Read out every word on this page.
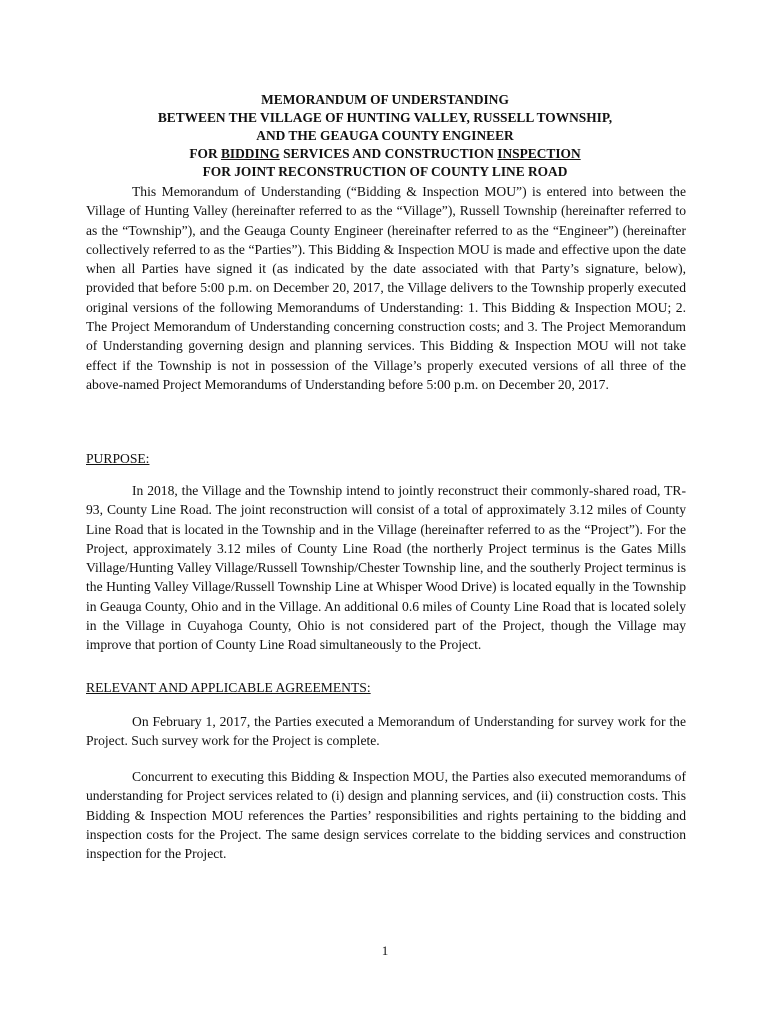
MEMORANDUM OF UNDERSTANDING
BETWEEN THE VILLAGE OF HUNTING VALLEY, RUSSELL TOWNSHIP,
AND THE GEAUGA COUNTY ENGINEER
FOR BIDDING SERVICES AND CONSTRUCTION INSPECTION
FOR JOINT RECONSTRUCTION OF COUNTY LINE ROAD

This Memorandum of Understanding (“Bidding & Inspection MOU”) is entered into between the Village of Hunting Valley (hereinafter referred to as the “Village”), Russell Township (hereinafter referred to as the “Township”), and the Geauga County Engineer (hereinafter referred to as the “Engineer”) (hereinafter collectively referred to as the “Parties”). This Bidding & Inspection MOU is made and effective upon the date when all Parties have signed it (as indicated by the date associated with that Party’s signature, below), provided that before 5:00 p.m. on December 20, 2017, the Village delivers to the Township properly executed original versions of the following Memorandums of Understanding: 1. This Bidding & Inspection MOU; 2. The Project Memorandum of Understanding concerning construction costs; and 3. The Project Memorandum of Understanding governing design and planning services. This Bidding & Inspection MOU will not take effect if the Township is not in possession of the Village’s properly executed versions of all three of the above-named Project Memorandums of Understanding before 5:00 p.m. on December 20, 2017.

PURPOSE:

In 2018, the Village and the Township intend to jointly reconstruct their commonly-shared road, TR-93, County Line Road. The joint reconstruction will consist of a total of approximately 3.12 miles of County Line Road that is located in the Township and in the Village (hereinafter referred to as the “Project”). For the Project, approximately 3.12 miles of County Line Road (the northerly Project terminus is the Gates Mills Village/Hunting Valley Village/Russell Township/Chester Township line, and the southerly Project terminus is the Hunting Valley Village/Russell Township Line at Whisper Wood Drive) is located equally in the Township in Geauga County, Ohio and in the Village. An additional 0.6 miles of County Line Road that is located solely in the Village in Cuyahoga County, Ohio is not considered part of the Project, though the Village may improve that portion of County Line Road simultaneously to the Project.

RELEVANT AND APPLICABLE AGREEMENTS:

On February 1, 2017, the Parties executed a Memorandum of Understanding for survey work for the Project. Such survey work for the Project is complete.

Concurrent to executing this Bidding & Inspection MOU, the Parties also executed memorandums of understanding for Project services related to (i) design and planning services, and (ii) construction costs. This Bidding & Inspection MOU references the Parties’ responsibilities and rights pertaining to the bidding and inspection costs for the Project. The same design services correlate to the bidding services and construction inspection for the Project.

1
